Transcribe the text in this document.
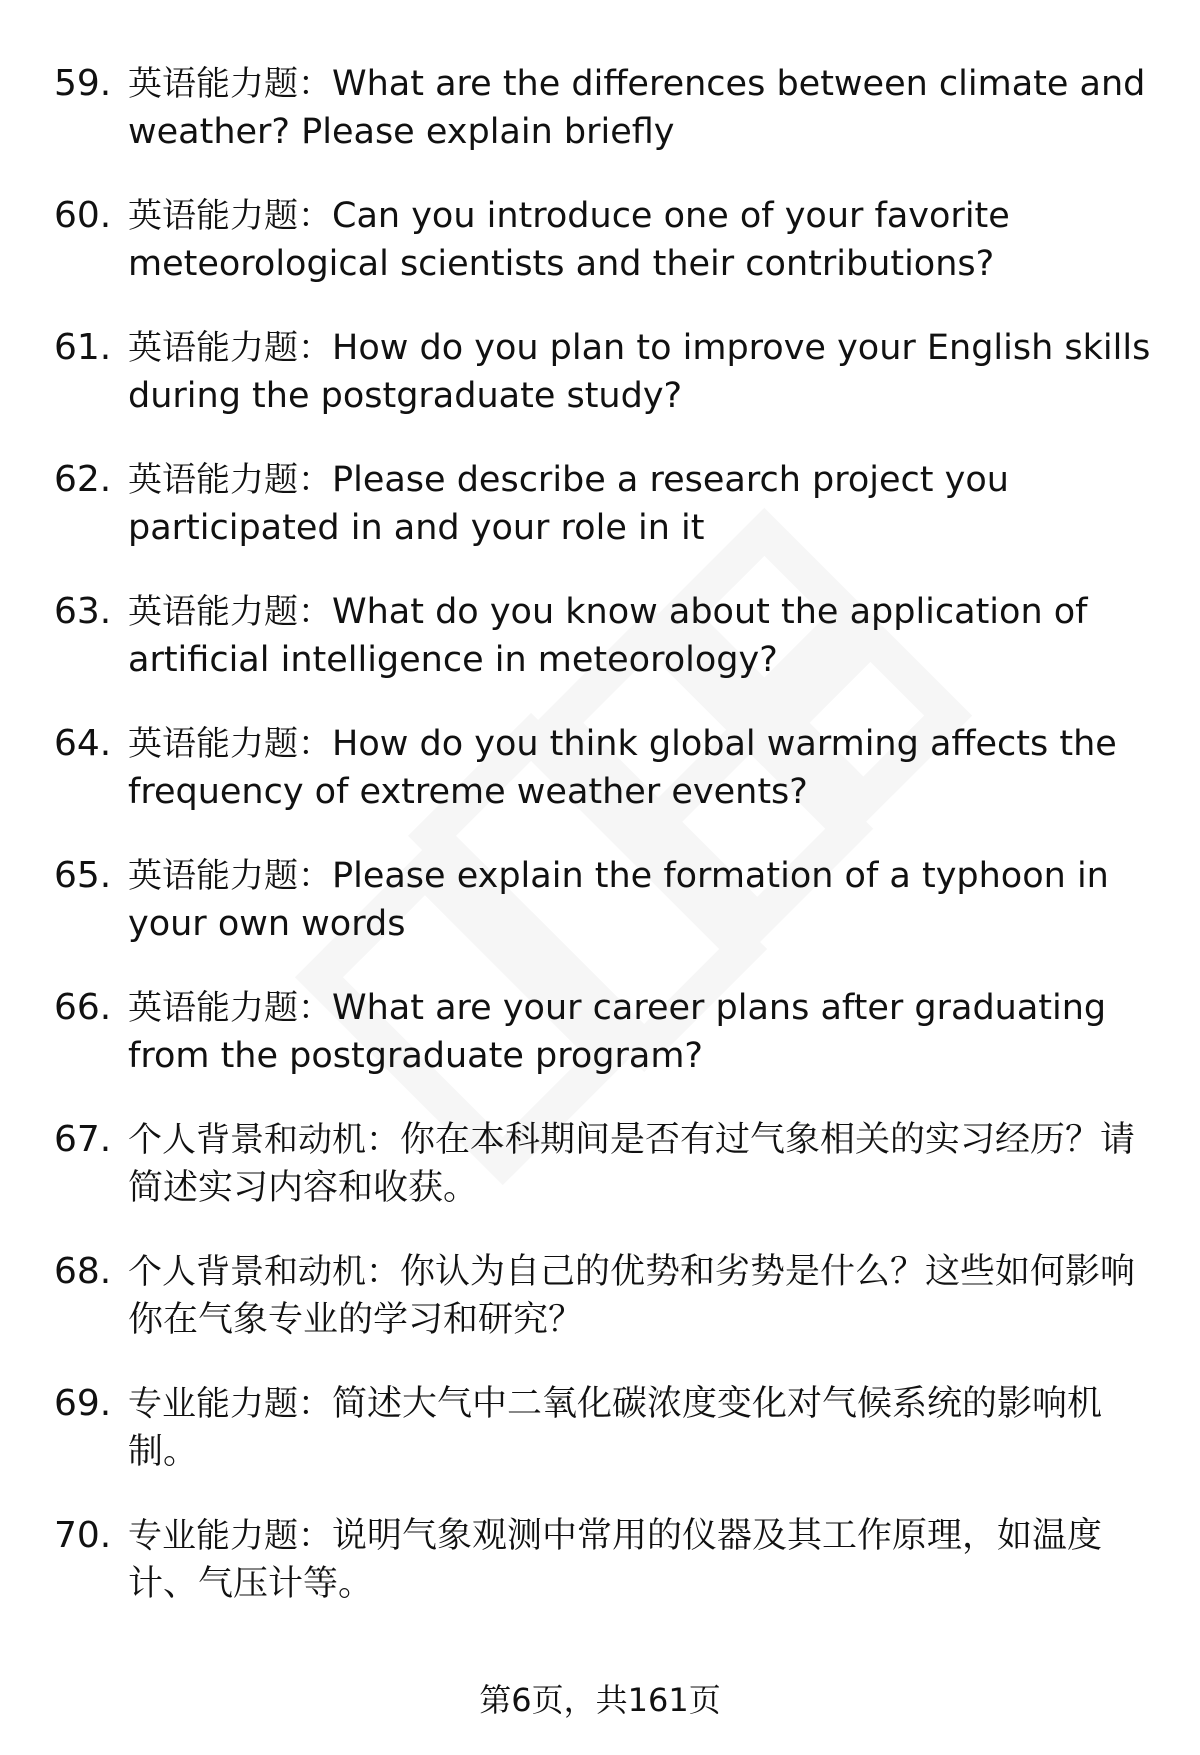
59. 英语能力题：What are the differences between climate and weather? Please explain briefly
60. 英语能力题：Can you introduce one of your favorite meteorological scientists and their contributions?
61. 英语能力题：How do you plan to improve your English skills during the postgraduate study?
62. 英语能力题：Please describe a research project you participated in and your role in it
63. 英语能力题：What do you know about the application of artificial intelligence in meteorology?
64. 英语能力题：How do you think global warming affects the frequency of extreme weather events?
65. 英语能力题：Please explain the formation of a typhoon in your own words
66. 英语能力题：What are your career plans after graduating from the postgraduate program?
67. 个人背景和动机：你在本科期间是否有过气象相关的实习经历？请简述实习内容和收获。
68. 个人背景和动机：你认为自己的优势和劣势是什么？这些如何影响你在气象专业的学习和研究？
69. 专业能力题：简述大气中二氧化碳浓度变化对气候系统的影响机制。
70. 专业能力题：说明气象观测中常用的仪器及其工作原理，如温度计、气压计等。
第6页，共161页
